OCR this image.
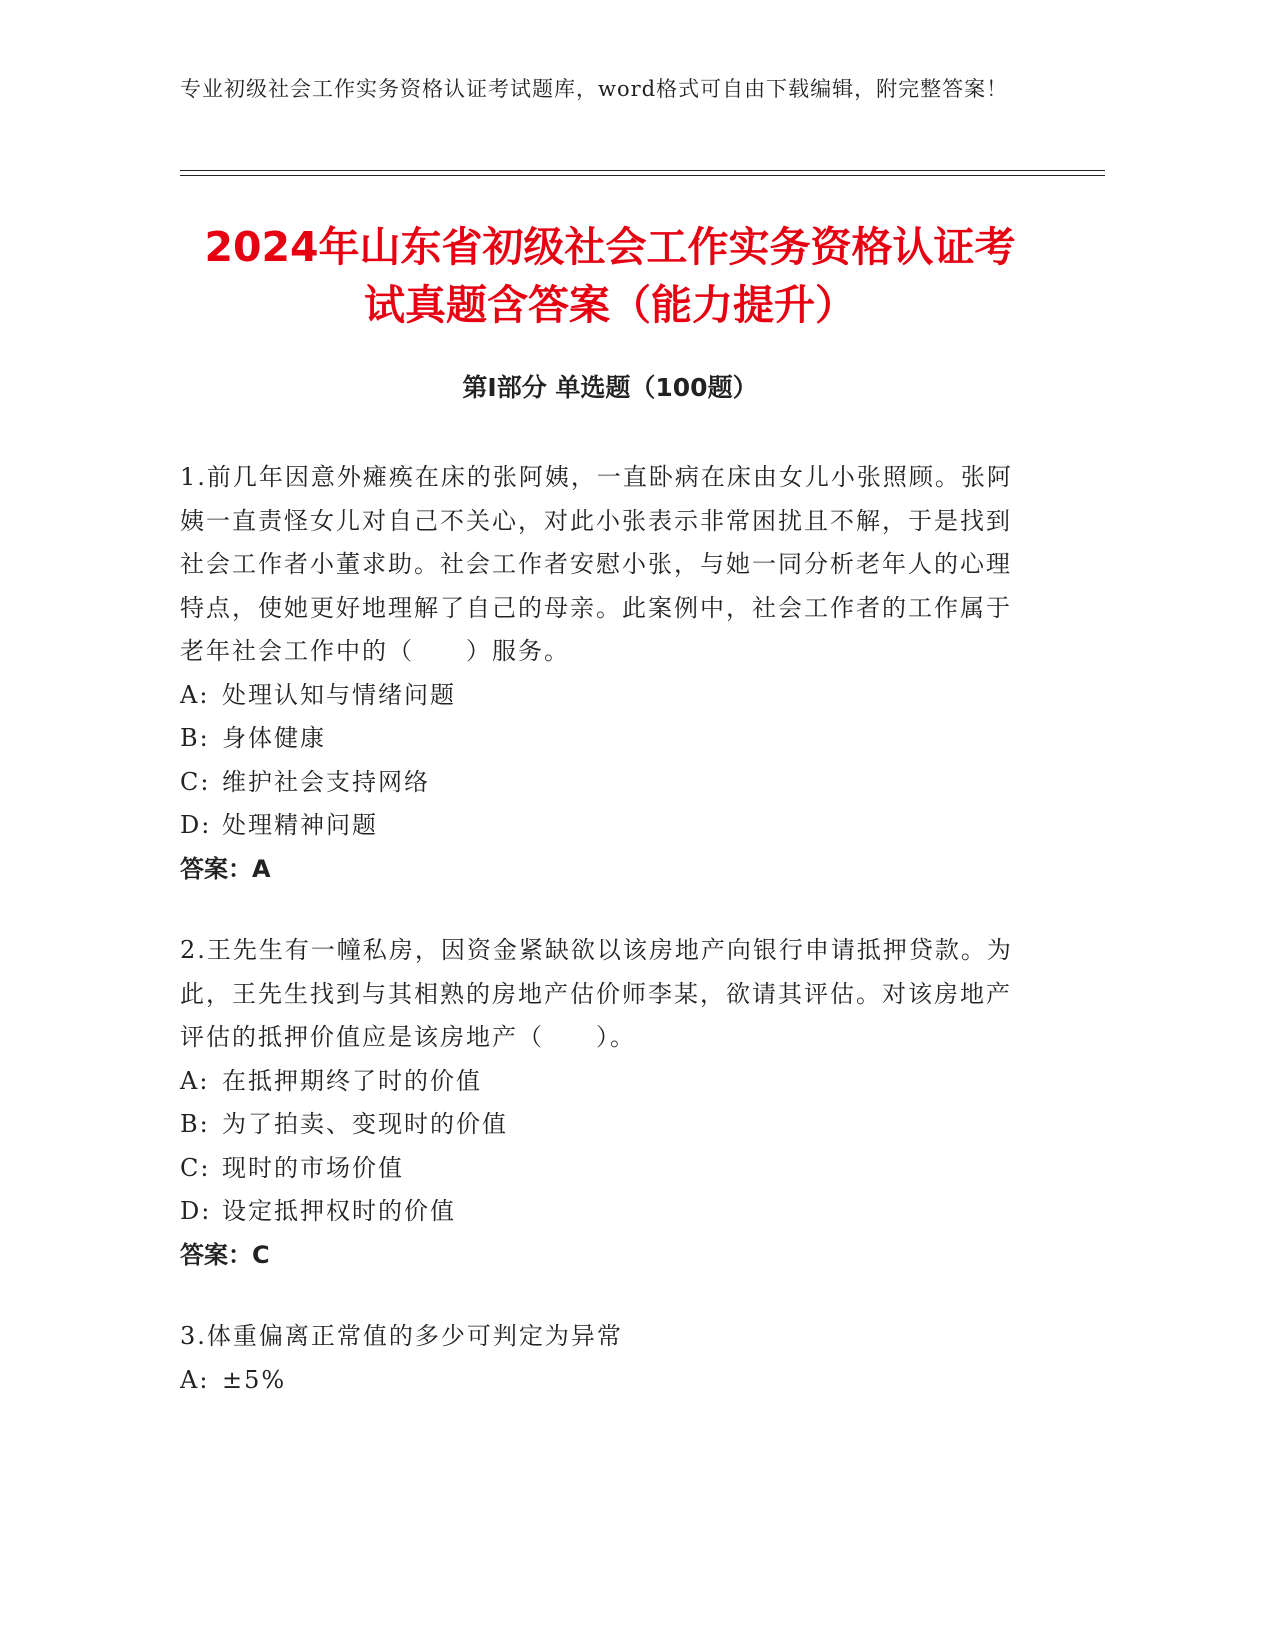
专业初级社会工作实务资格认证考试题库，word格式可自由下载编辑，附完整答案！
2024年山东省初级社会工作实务资格认证考
试真题含答案（能力提升）
第I部分 单选题（100题）
1.前几年因意外瘫痪在床的张阿姨，一直卧病在床由女儿小张照顾。张阿姨一直责怪女儿对自己不关心，对此小张表示非常困扰且不解，于是找到社会工作者小董求助。社会工作者安慰小张，与她一同分析老年人的心理特点，使她更好地理解了自己的母亲。此案例中，社会工作者的工作属于老年社会工作中的（　　）服务。
A: 处理认知与情绪问题
B: 身体健康
C: 维护社会支持网络
D: 处理精神问题
答案：A
2.王先生有一幢私房，因资金紧缺欲以该房地产向银行申请抵押贷款。为此，王先生找到与其相熟的房地产估价师李某，欲请其评估。对该房地产评估的抵押价值应是该房地产（　　）。
A: 在抵押期终了时的价值
B: 为了拍卖、变现时的价值
C: 现时的市场价值
D: 设定抵押权时的价值
答案：C
3.体重偏离正常值的多少可判定为异常
A: ±5%
